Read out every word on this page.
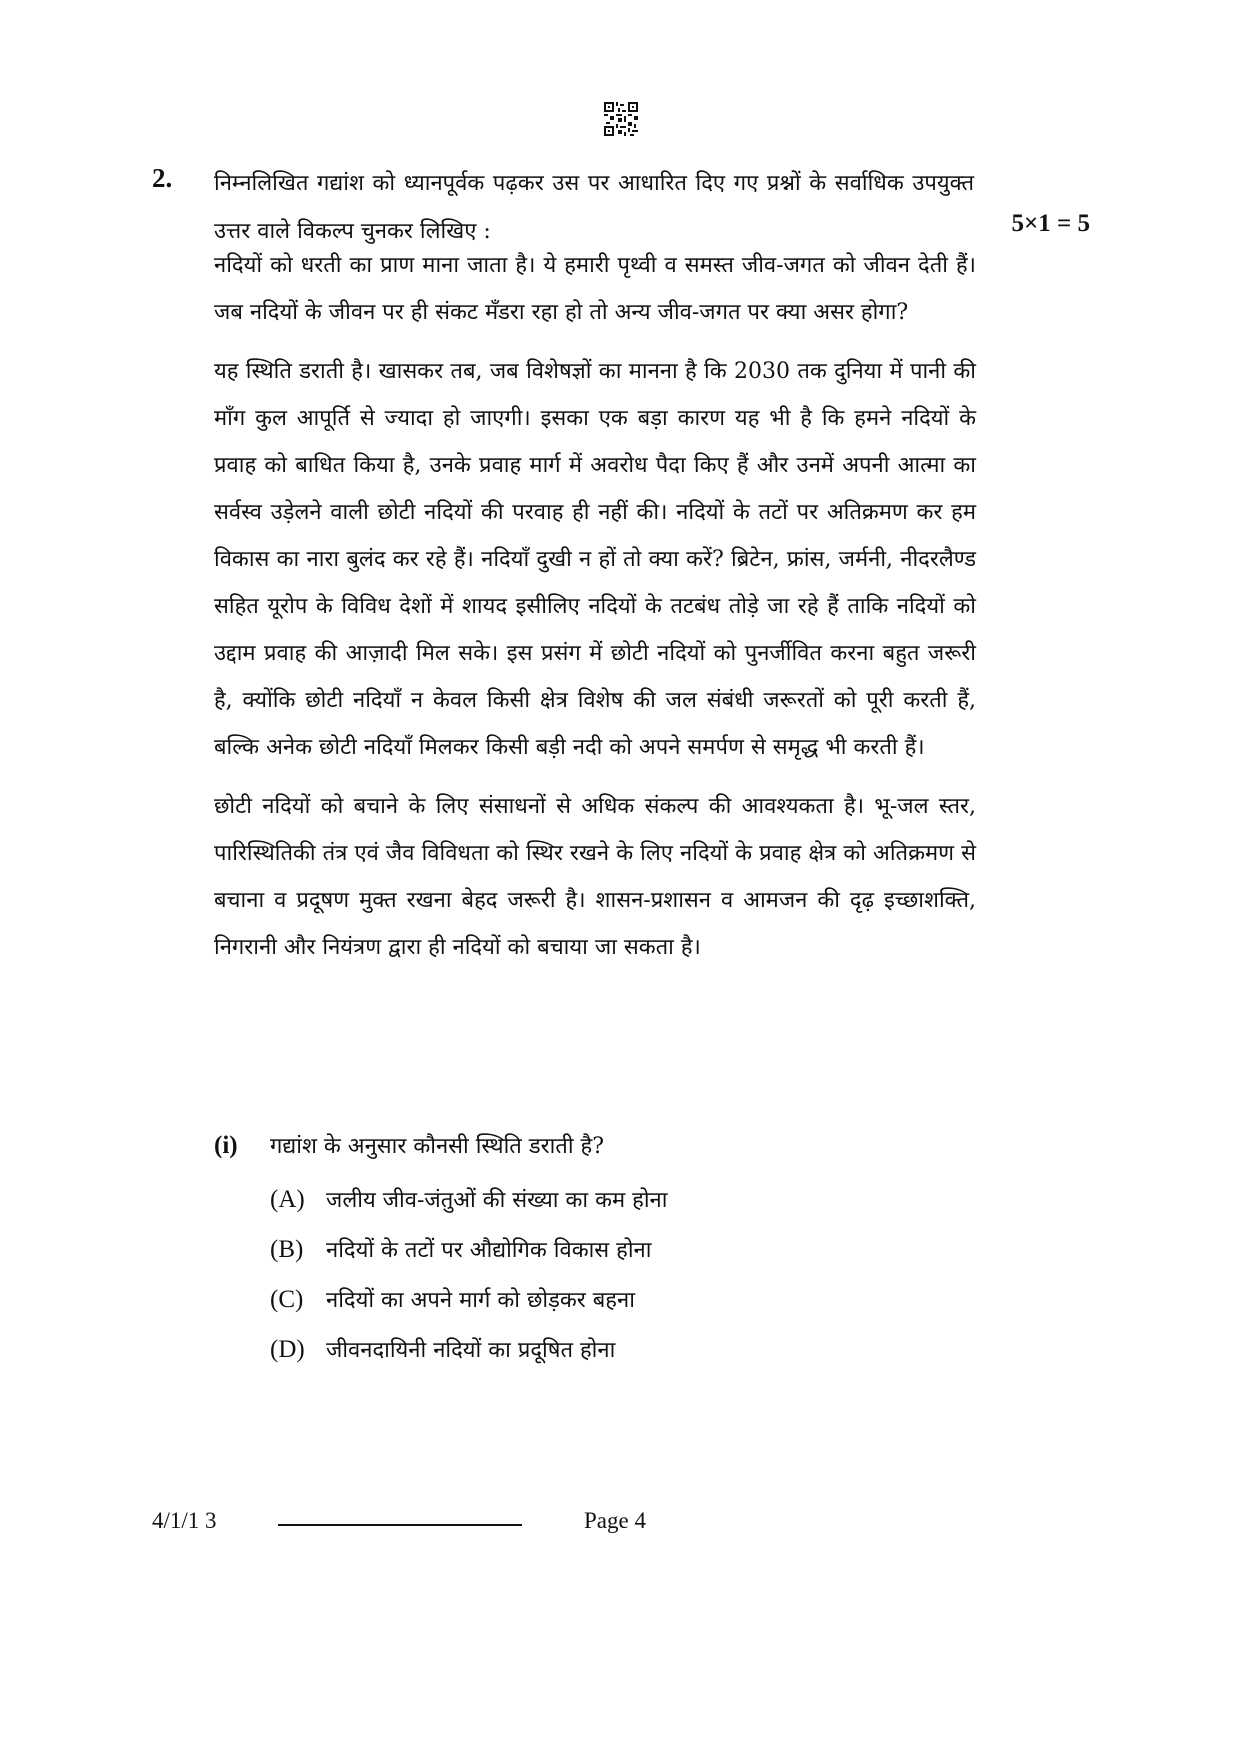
2. निम्नलिखित गद्यांश को ध्यानपूर्वक पढ़कर उस पर आधारित दिए गए प्रश्नों के सर्वाधिक उपयुक्त उत्तर वाले विकल्प चुनकर लिखिए :	5×1 = 5

नदियों को धरती का प्राण माना जाता है। ये हमारी पृथ्वी व समस्त जीव-जगत को जीवन देती हैं। जब नदियों के जीवन पर ही संकट मँडरा रहा हो तो अन्य जीव-जगत पर क्या असर होगा?

यह स्थिति डराती है। खासकर तब, जब विशेषज्ञों का मानना है कि 2030 तक दुनिया में पानी की माँग कुल आपूर्ति से ज्यादा हो जाएगी। इसका एक बड़ा कारण यह भी है कि हमने नदियों के प्रवाह को बाधित किया है, उनके प्रवाह मार्ग में अवरोध पैदा किए हैं और उनमें अपनी आत्मा का सर्वस्व उड़ेलने वाली छोटी नदियों की परवाह ही नहीं की। नदियों के तटों पर अतिक्रमण कर हम विकास का नारा बुलंद कर रहे हैं। नदियाँ दुखी न हों तो क्या करें? ब्रिटेन, फ्रांस, जर्मनी, नीदरलैण्ड सहित यूरोप के विविध देशों में शायद इसीलिए नदियों के तटबंध तोड़े जा रहे हैं ताकि नदियों को उद्दाम प्रवाह की आज़ादी मिल सके। इस प्रसंग में छोटी नदियों को पुनर्जीवित करना बहुत जरूरी है, क्योंकि छोटी नदियाँ न केवल किसी क्षेत्र विशेष की जल संबंधी जरूरतों को पूरी करती हैं, बल्कि अनेक छोटी नदियाँ मिलकर किसी बड़ी नदी को अपने समर्पण से समृद्ध भी करती हैं।

छोटी नदियों को बचाने के लिए संसाधनों से अधिक संकल्प की आवश्यकता है। भू-जल स्तर, पारिस्थितिकी तंत्र एवं जैव विविधता को स्थिर रखने के लिए नदियों के प्रवाह क्षेत्र को अतिक्रमण से बचाना व प्रदूषण मुक्त रखना बेहद जरूरी है। शासन-प्रशासन व आमजन की दृढ़ इच्छाशक्ति, निगरानी और नियंत्रण द्वारा ही नदियों को बचाया जा सकता है।

(i)	गद्यांश के अनुसार कौनसी स्थिति डराती है?
(A) जलीय जीव-जंतुओं की संख्या का कम होना
(B)	नदियों के तटों पर औद्योगिक विकास होना
(C)	नदियों का अपने मार्ग को छोड़कर बहना
(D) जीवनदायिनी नदियों का प्रदूषित होना
4/1/1 3	Page 4
